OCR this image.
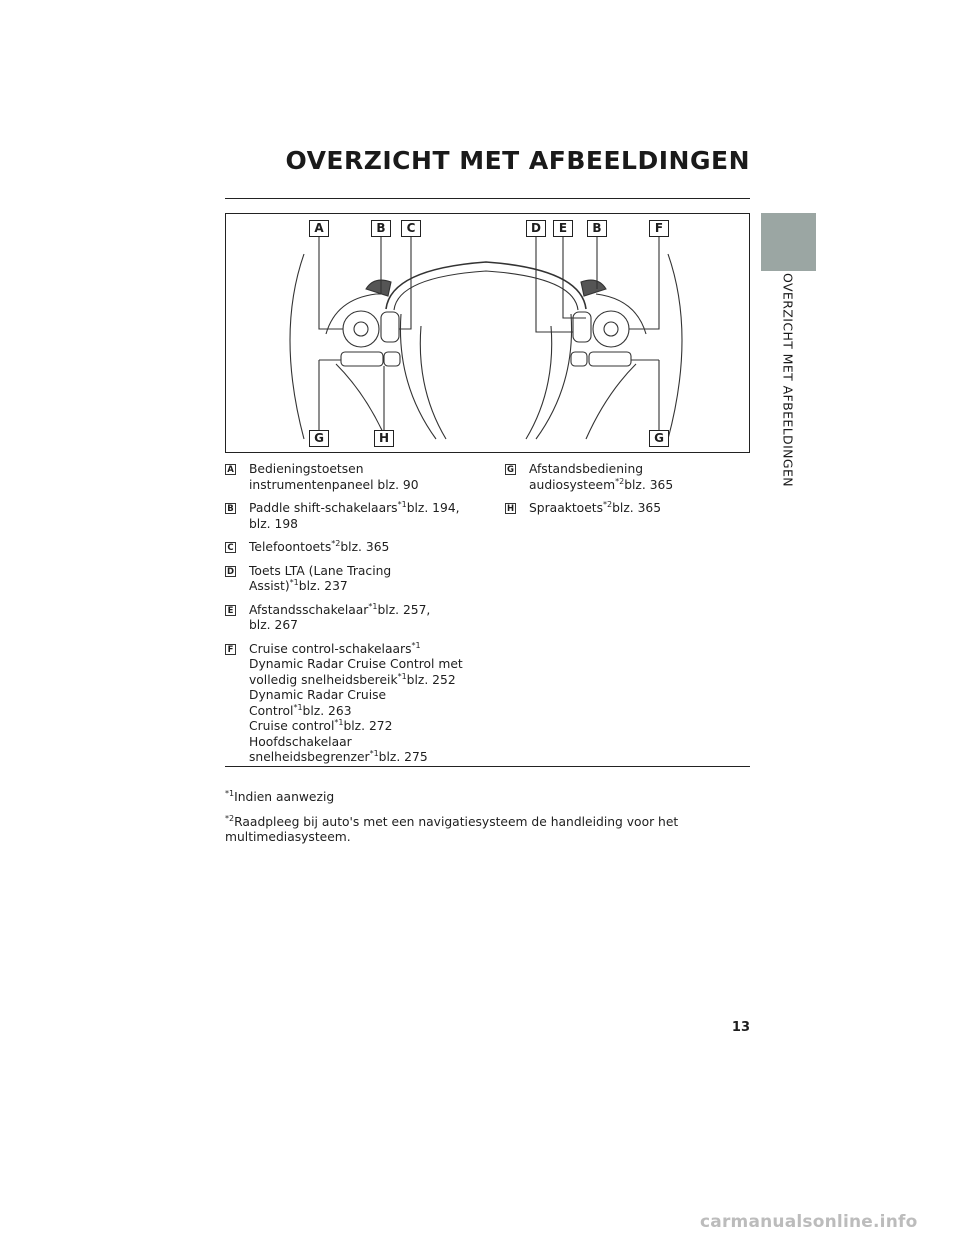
OVERZICHT MET AFBEELDINGEN
OVERZICHT MET AFBEELDINGEN
A	B	C	D	E	B	F
G	H	G
A Bedieningstoetsen
instrumentenpaneel blz. 90
B Paddle shift-schakelaars$^{*1}$blz. 194,
blz. 198
C Telefoontoets$^{*2}$blz. 365
D Toets LTA (Lane Tracing
Assist)$^{*1}$blz. 237
E Afstandsschakelaar$^{*1}$blz. 257,
blz. 267
F Cruise control-schakelaars$^{*1}$
Dynamic Radar Cruise Control met
volledig snelheidsbereik$^{*1}$blz. 252
Dynamic Radar Cruise
Control$^{*1}$blz. 263
Cruise control$^{*1}$blz. 272
Hoofdschakelaar
snelheidsbegrenzer$^{*1}$blz. 275
G Afstandsbediening
audiosysteem$^{*2}$blz. 365
H Spraaktoets$^{*2}$blz. 365

$^{*1}$Indien aanwezig

$^{*2}$Raadpleeg bij auto's met een navigatiesysteem de handleiding voor het multimediasysteem.

13
carmanualsonline.info
